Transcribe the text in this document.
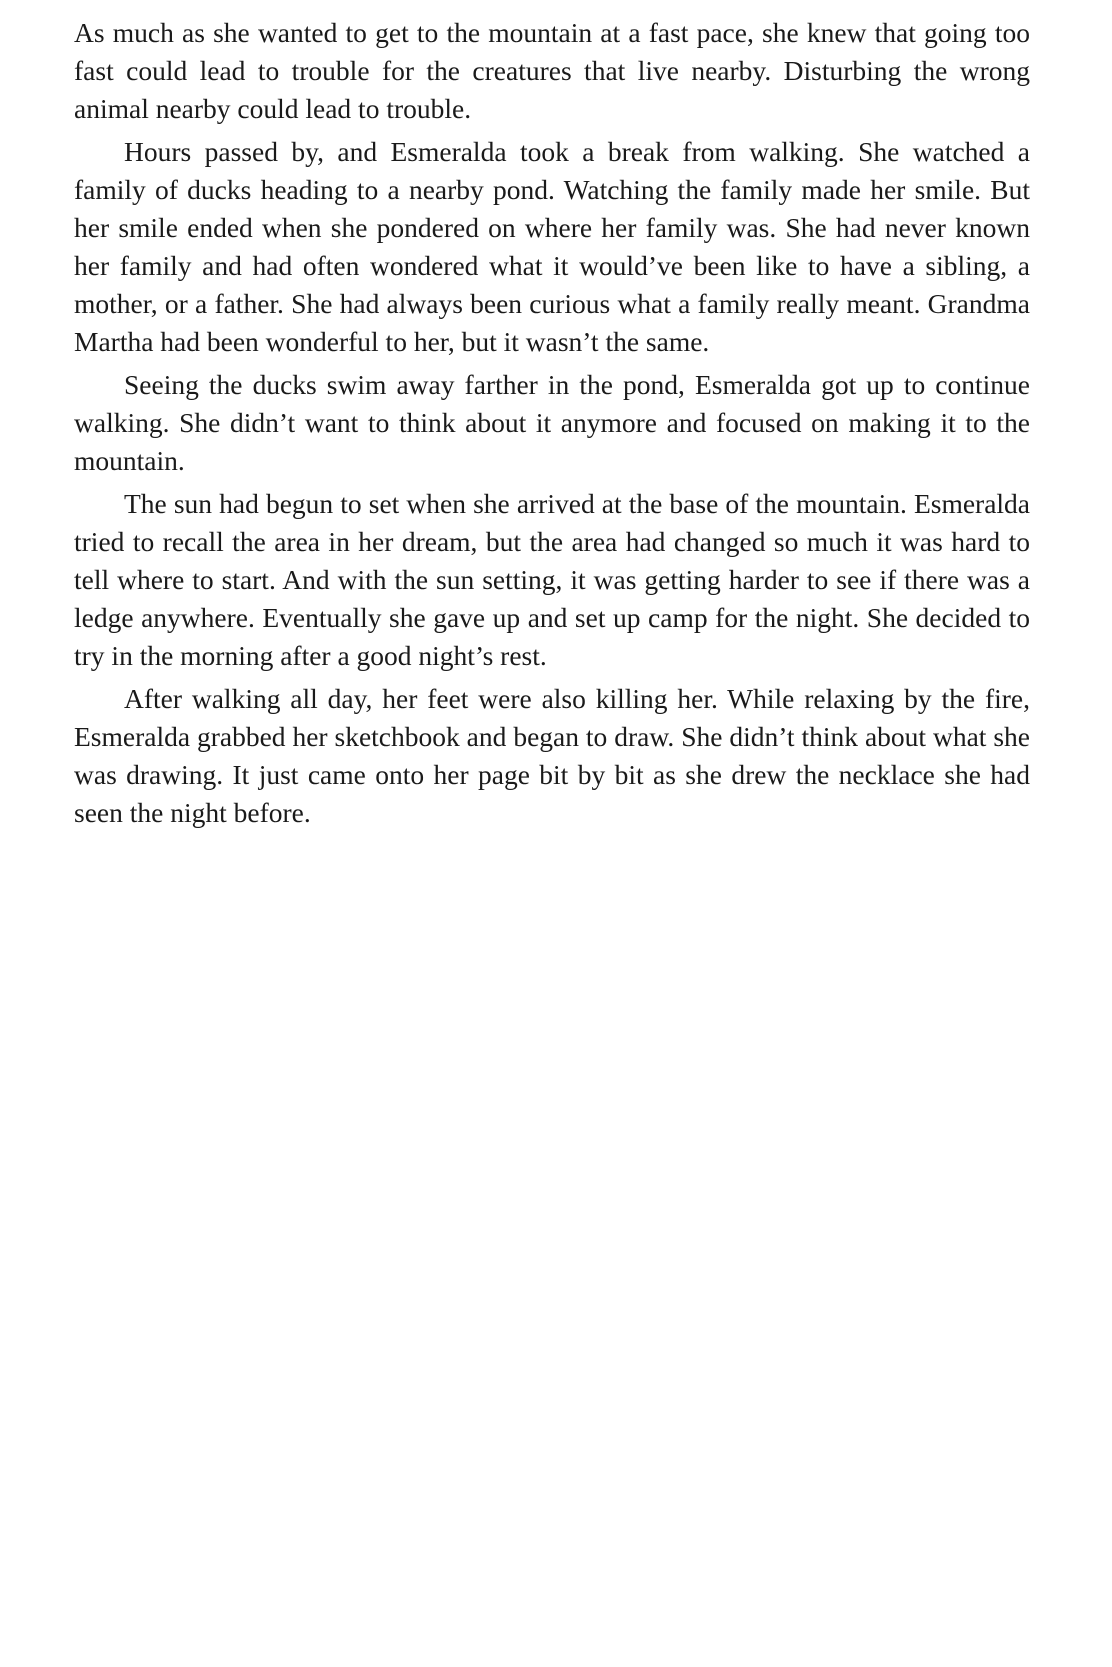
As much as she wanted to get to the mountain at a fast pace, she knew that going too fast could lead to trouble for the creatures that live nearby. Disturbing the wrong animal nearby could lead to trouble.

Hours passed by, and Esmeralda took a break from walking. She watched a family of ducks heading to a nearby pond. Watching the family made her smile. But her smile ended when she pondered on where her family was. She had never known her family and had often wondered what it would’ve been like to have a sibling, a mother, or a father. She had always been curious what a family really meant. Grandma Martha had been wonderful to her, but it wasn’t the same.

Seeing the ducks swim away farther in the pond, Esmeralda got up to continue walking. She didn’t want to think about it anymore and focused on making it to the mountain.

The sun had begun to set when she arrived at the base of the mountain. Esmeralda tried to recall the area in her dream, but the area had changed so much it was hard to tell where to start. And with the sun setting, it was getting harder to see if there was a ledge anywhere. Eventually she gave up and set up camp for the night. She decided to try in the morning after a good night’s rest.

After walking all day, her feet were also killing her. While relaxing by the fire, Esmeralda grabbed her sketchbook and began to draw. She didn’t think about what she was drawing. It just came onto her page bit by bit as she drew the necklace she had seen the night before.
